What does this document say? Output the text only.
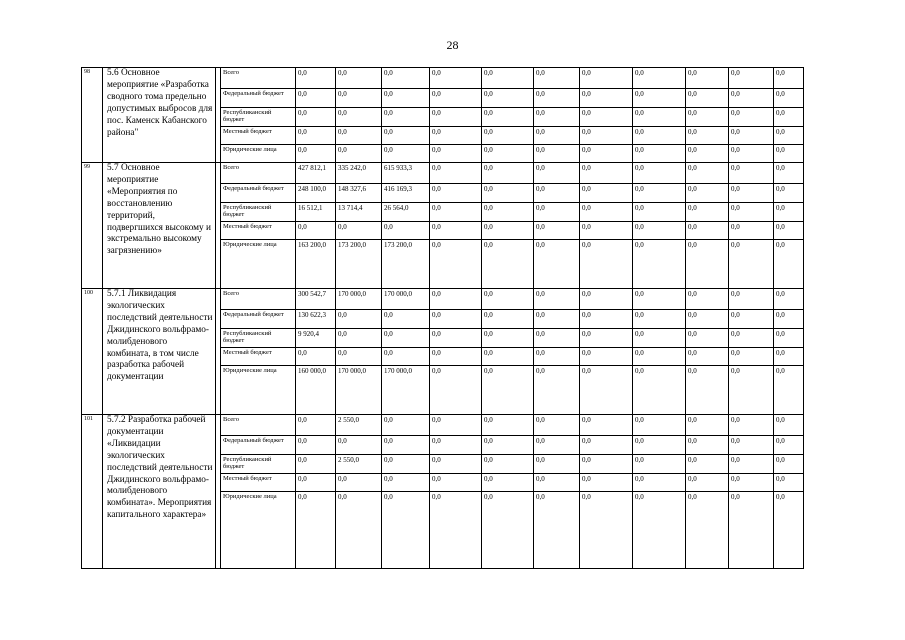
28
98	5.6 Основное мероприятие «Разработка сводного тома предельно допустимых выбросов для пос. Каменск Кабанского района"		Всего	0,0	0,0	0,0	0,0	0,0	0,0	0,0	0,0	0,0	0,0	0,0
			Федеральный бюджет	0,0	0,0	0,0	0,0	0,0	0,0	0,0	0,0	0,0	0,0	0,0
			Республиканский бюджет	0,0	0,0	0,0	0,0	0,0	0,0	0,0	0,0	0,0	0,0	0,0
			Местный бюджет	0,0	0,0	0,0	0,0	0,0	0,0	0,0	0,0	0,0	0,0	0,0
			Юридические лица	0,0	0,0	0,0	0,0	0,0	0,0	0,0	0,0	0,0	0,0	0,0
99	5.7 Основное мероприятие «Мероприятия по восстановлению территорий, подвергшихся высокому и экстремально высокому загрязнению»		Всего	427 812,1	335 242,0	615 933,3	0,0	0,0	0,0	0,0	0,0	0,0	0,0	0,0
			Федеральный бюджет	248 100,0	148 327,6	416 169,3	0,0	0,0	0,0	0,0	0,0	0,0	0,0	0,0
			Республиканский бюджет	16 512,1	13 714,4	26 564,0	0,0	0,0	0,0	0,0	0,0	0,0	0,0	0,0
			Местный бюджет	0,0	0,0	0,0	0,0	0,0	0,0	0,0	0,0	0,0	0,0	0,0
			Юридические лица	163 200,0	173 200,0	173 200,0	0,0	0,0	0,0	0,0	0,0	0,0	0,0	0,0
100	5.7.1 Ликвидация экологических последствий деятельности Джидинского вольфрамо-молибденового комбината, в том числе разработка рабочей документации		Всего	300 542,7	170 000,0	170 000,0	0,0	0,0	0,0	0,0	0,0	0,0	0,0	0,0
			Федеральный бюджет	130 622,3	0,0	0,0	0,0	0,0	0,0	0,0	0,0	0,0	0,0	0,0
			Республиканский бюджет	9 920,4	0,0	0,0	0,0	0,0	0,0	0,0	0,0	0,0	0,0	0,0
			Местный бюджет	0,0	0,0	0,0	0,0	0,0	0,0	0,0	0,0	0,0	0,0	0,0
			Юридические лица	160 000,0	170 000,0	170 000,0	0,0	0,0	0,0	0,0	0,0	0,0	0,0	0,0
101	5.7.2 Разработка рабочей документации «Ликвидации экологических последствий деятельности Джидинского вольфрамо-молибденового комбината». Мероприятия капитального характера»		Всего	0,0	2 550,0	0,0	0,0	0,0	0,0	0,0	0,0	0,0	0,0	0,0
			Федеральный бюджет	0,0	0,0	0,0	0,0	0,0	0,0	0,0	0,0	0,0	0,0	0,0
			Республиканский бюджет	0,0	2 550,0	0,0	0,0	0,0	0,0	0,0	0,0	0,0	0,0	0,0
			Местный бюджет	0,0	0,0	0,0	0,0	0,0	0,0	0,0	0,0	0,0	0,0	0,0
			Юридические лица	0,0	0,0	0,0	0,0	0,0	0,0	0,0	0,0	0,0	0,0	0,0
